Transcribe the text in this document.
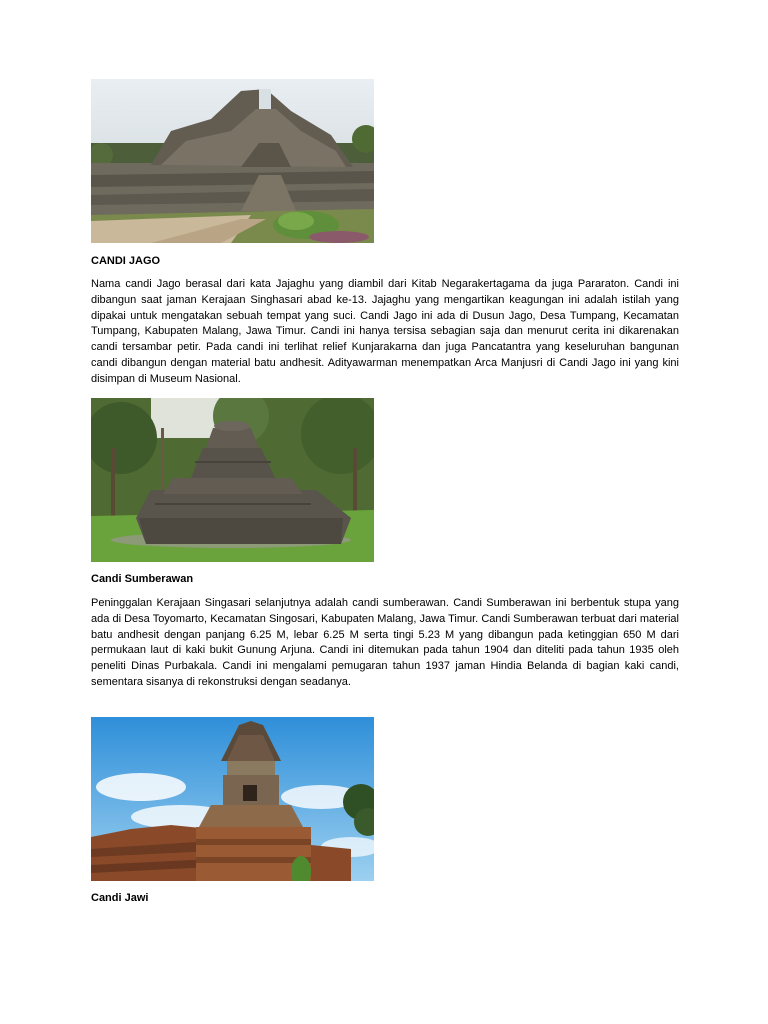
CANDI JAGO

Nama candi Jago berasal dari kata Jajaghu yang diambil dari Kitab Negarakertagama da juga Pararaton. Candi ini dibangun saat jaman Kerajaan Singhasari abad ke-13. Jajaghu yang mengartikan keagungan ini adalah istilah yang dipakai untuk mengatakan sebuah tempat yang suci. Candi Jago ini ada di Dusun Jago, Desa Tumpang, Kecamatan Tumpang, Kabupaten Malang, Jawa Timur. Candi ini hanya tersisa sebagian saja dan menurut cerita ini dikarenakan candi tersambar petir. Pada candi ini terlihat relief Kunjarakarna dan juga Pancatantra yang keseluruhan bangunan candi dibangun dengan material batu andhesit. Adityawarman menempatkan Arca Manjusri di Candi Jago ini yang kini disimpan di Museum Nasional.

Candi Sumberawan

Peninggalan Kerajaan Singasari selanjutnya adalah candi sumberawan. Candi Sumberawan ini berbentuk stupa yang ada di Desa Toyomarto, Kecamatan Singosari, Kabupaten Malang, Jawa Timur. Candi Sumberawan terbuat dari material batu andhesit dengan panjang 6.25 M, lebar 6.25 M serta tingi 5.23 M yang dibangun pada ketinggian 650 M dari permukaan laut di kaki bukit Gunung Arjuna. Candi ini ditemukan pada tahun 1904 dan diteliti pada tahun 1935 oleh peneliti Dinas Purbakala. Candi ini mengalami pemugaran tahun 1937 jaman Hindia Belanda di bagian kaki candi, sementara sisanya di rekonstruksi dengan seadanya.

Candi Jawi
